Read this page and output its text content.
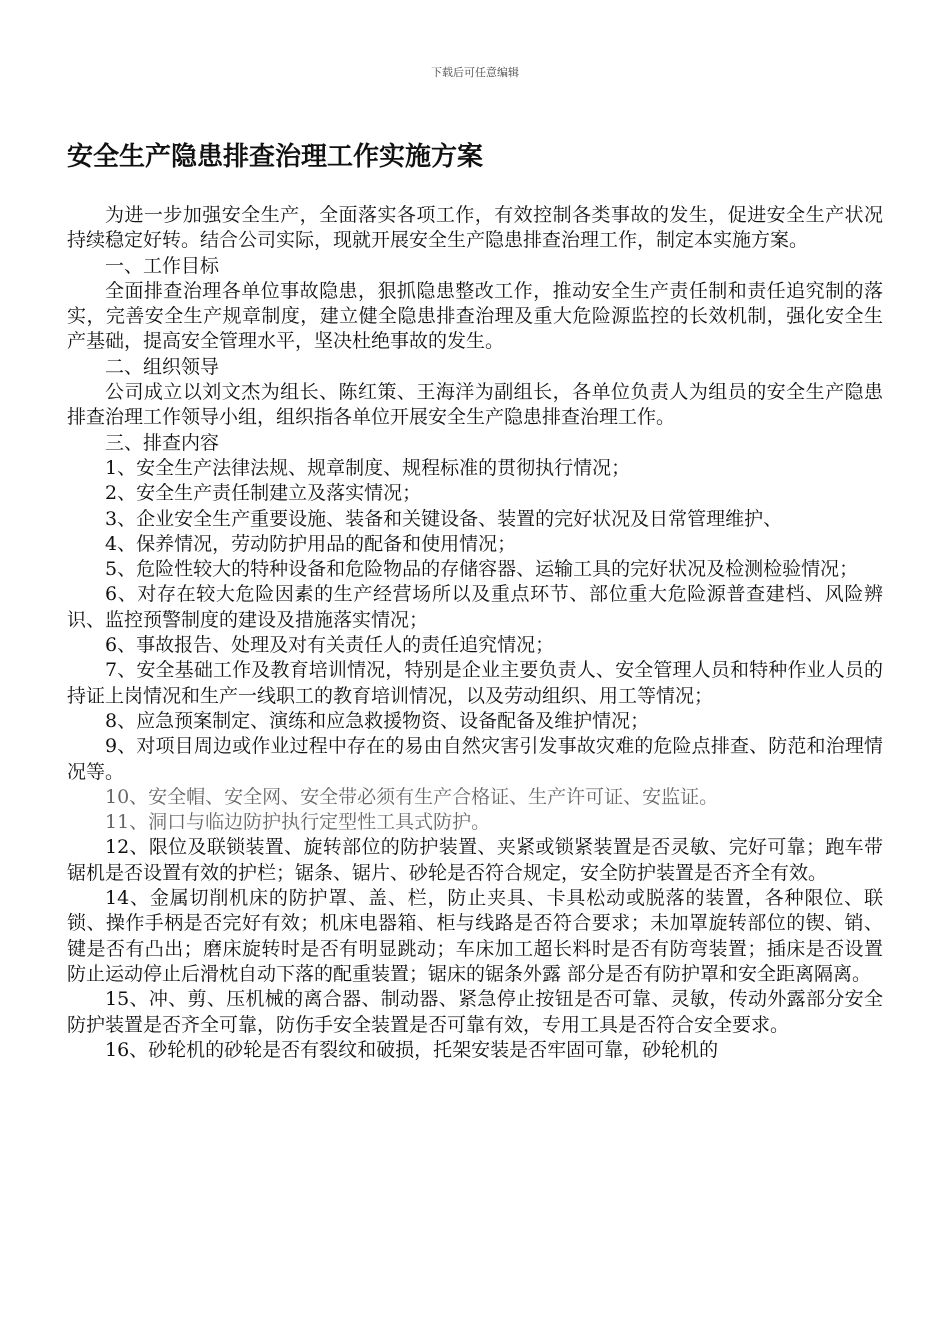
下载后可任意编辑
安全生产隐患排查治理工作实施方案

为进一步加强安全生产，全面落实各项工作，有效控制各类事故的发生，促进安全生产状况持续稳定好转。结合公司实际，现就开展安全生产隐患排查治理工作，制定本实施方案。

一、工作目标

全面排查治理各单位事故隐患，狠抓隐患整改工作，推动安全生产责任制和责任追究制的落实，完善安全生产规章制度，建立健全隐患排查治理及重大危险源监控的长效机制，强化安全生产基础，提高安全管理水平，坚决杜绝事故的发生。

二、组织领导

公司成立以刘文杰为组长、陈红策、王海洋为副组长，各单位负责人为组员的安全生产隐患排查治理工作领导小组，组织指各单位开展安全生产隐患排查治理工作。

三、排查内容

1、安全生产法律法规、规章制度、规程标准的贯彻执行情况；

2、安全生产责任制建立及落实情况；

3、企业安全生产重要设施、装备和关键设备、装置的完好状况及日常管理维护、

4、保养情况，劳动防护用品的配备和使用情况；

5、危险性较大的特种设备和危险物品的存储容器、运输工具的完好状况及检测检验情况；

6、对存在较大危险因素的生产经营场所以及重点环节、部位重大危险源普查建档、风险辨识、监控预警制度的建设及措施落实情况；

6、事故报告、处理及对有关责任人的责任追究情况；

7、安全基础工作及教育培训情况，特别是企业主要负责人、安全管理人员和特种作业人员的持证上岗情况和生产一线职工的教育培训情况，以及劳动组织、用工等情况；

8、应急预案制定、演练和应急救援物资、设备配备及维护情况；

9、对项目周边或作业过程中存在的易由自然灾害引发事故灾难的危险点排查、防范和治理情况等。

10、安全帽、安全网、安全带必须有生产合格证、生产许可证、安监证。

11、洞口与临边防护执行定型性工具式防护。

12、限位及联锁装置、旋转部位的防护装置、夹紧或锁紧装置是否灵敏、完好可靠；跑车带锯机是否设置有效的护栏；锯条、锯片、砂轮是否符合规定，安全防护装置是否齐全有效。

14、金属切削机床的防护罩、盖、栏，防止夹具、卡具松动或脱落的装置，各种限位、联锁、操作手柄是否完好有效；机床电器箱、柜与线路是否符合要求；未加罩旋转部位的锲、销、键是否有凸出；磨床旋转时是否有明显跳动；车床加工超长料时是否有防弯装置；插床是否设置防止运动停止后滑枕自动下落的配重装置；锯床的锯条外露 部分是否有防护罩和安全距离隔离。

15、冲、剪、压机械的离合器、制动器、紧急停止按钮是否可靠、灵敏，传动外露部分安全防护装置是否齐全可靠，防伤手安全装置是否可靠有效，专用工具是否符合安全要求。

16、砂轮机的砂轮是否有裂纹和破损，托架安装是否牢固可靠，砂轮机的
